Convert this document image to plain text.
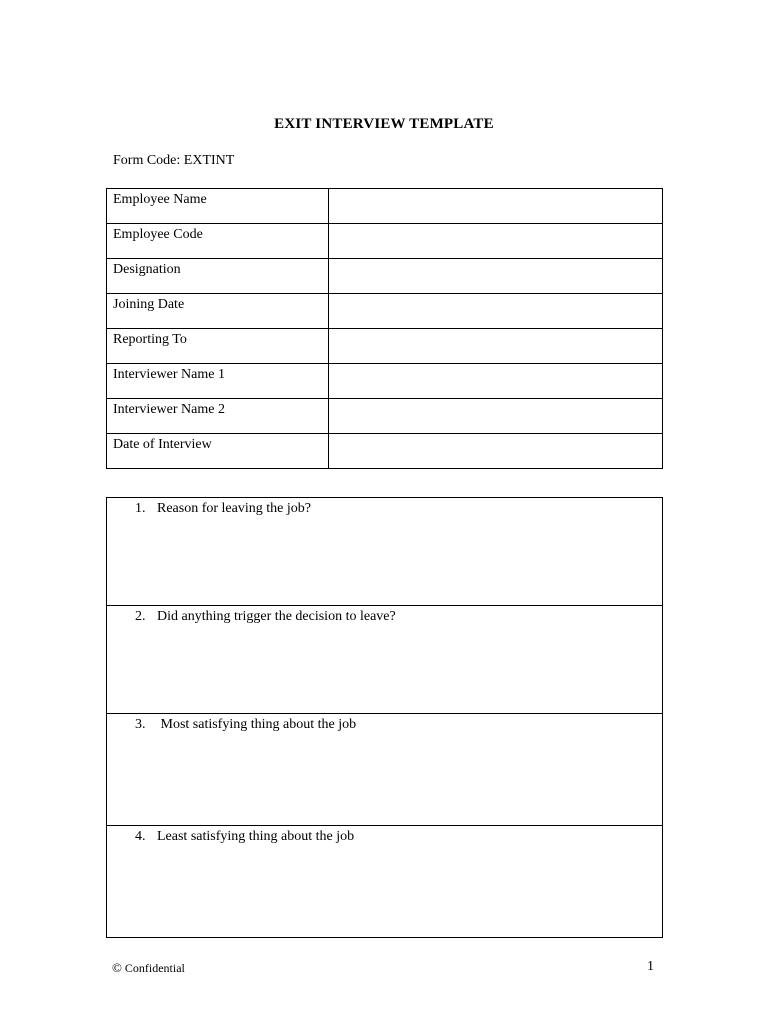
EXIT INTERVIEW TEMPLATE
Form Code: EXTINT
Employee Name	
Employee Code	
Designation	
Joining Date	
Reporting To	
Interviewer Name 1	
Interviewer Name 2	
Date of Interview	
1. Reason for leaving the job?
2. Did anything trigger the decision to leave?
3. Most satisfying thing about the job
4. Least satisfying thing about the job
© Confidential	1
